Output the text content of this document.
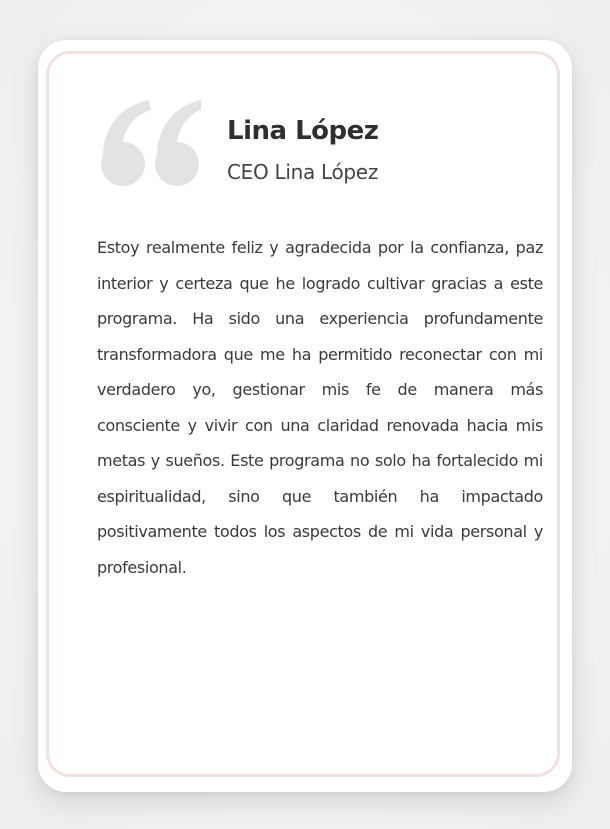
Lina López

CEO Lina López

Estoy realmente feliz y agradecida por la confianza, paz interior y certeza que he logrado cultivar gracias a este programa. Ha sido una experiencia profundamente transformadora que me ha permitido reconectar con mi verdadero yo, gestionar mis fe de manera más consciente y vivir con una claridad renovada hacia mis metas y sueños. Este programa no solo ha fortalecido mi espiritualidad, sino que también ha impactado positivamente todos los aspectos de mi vida personal y profesional.
